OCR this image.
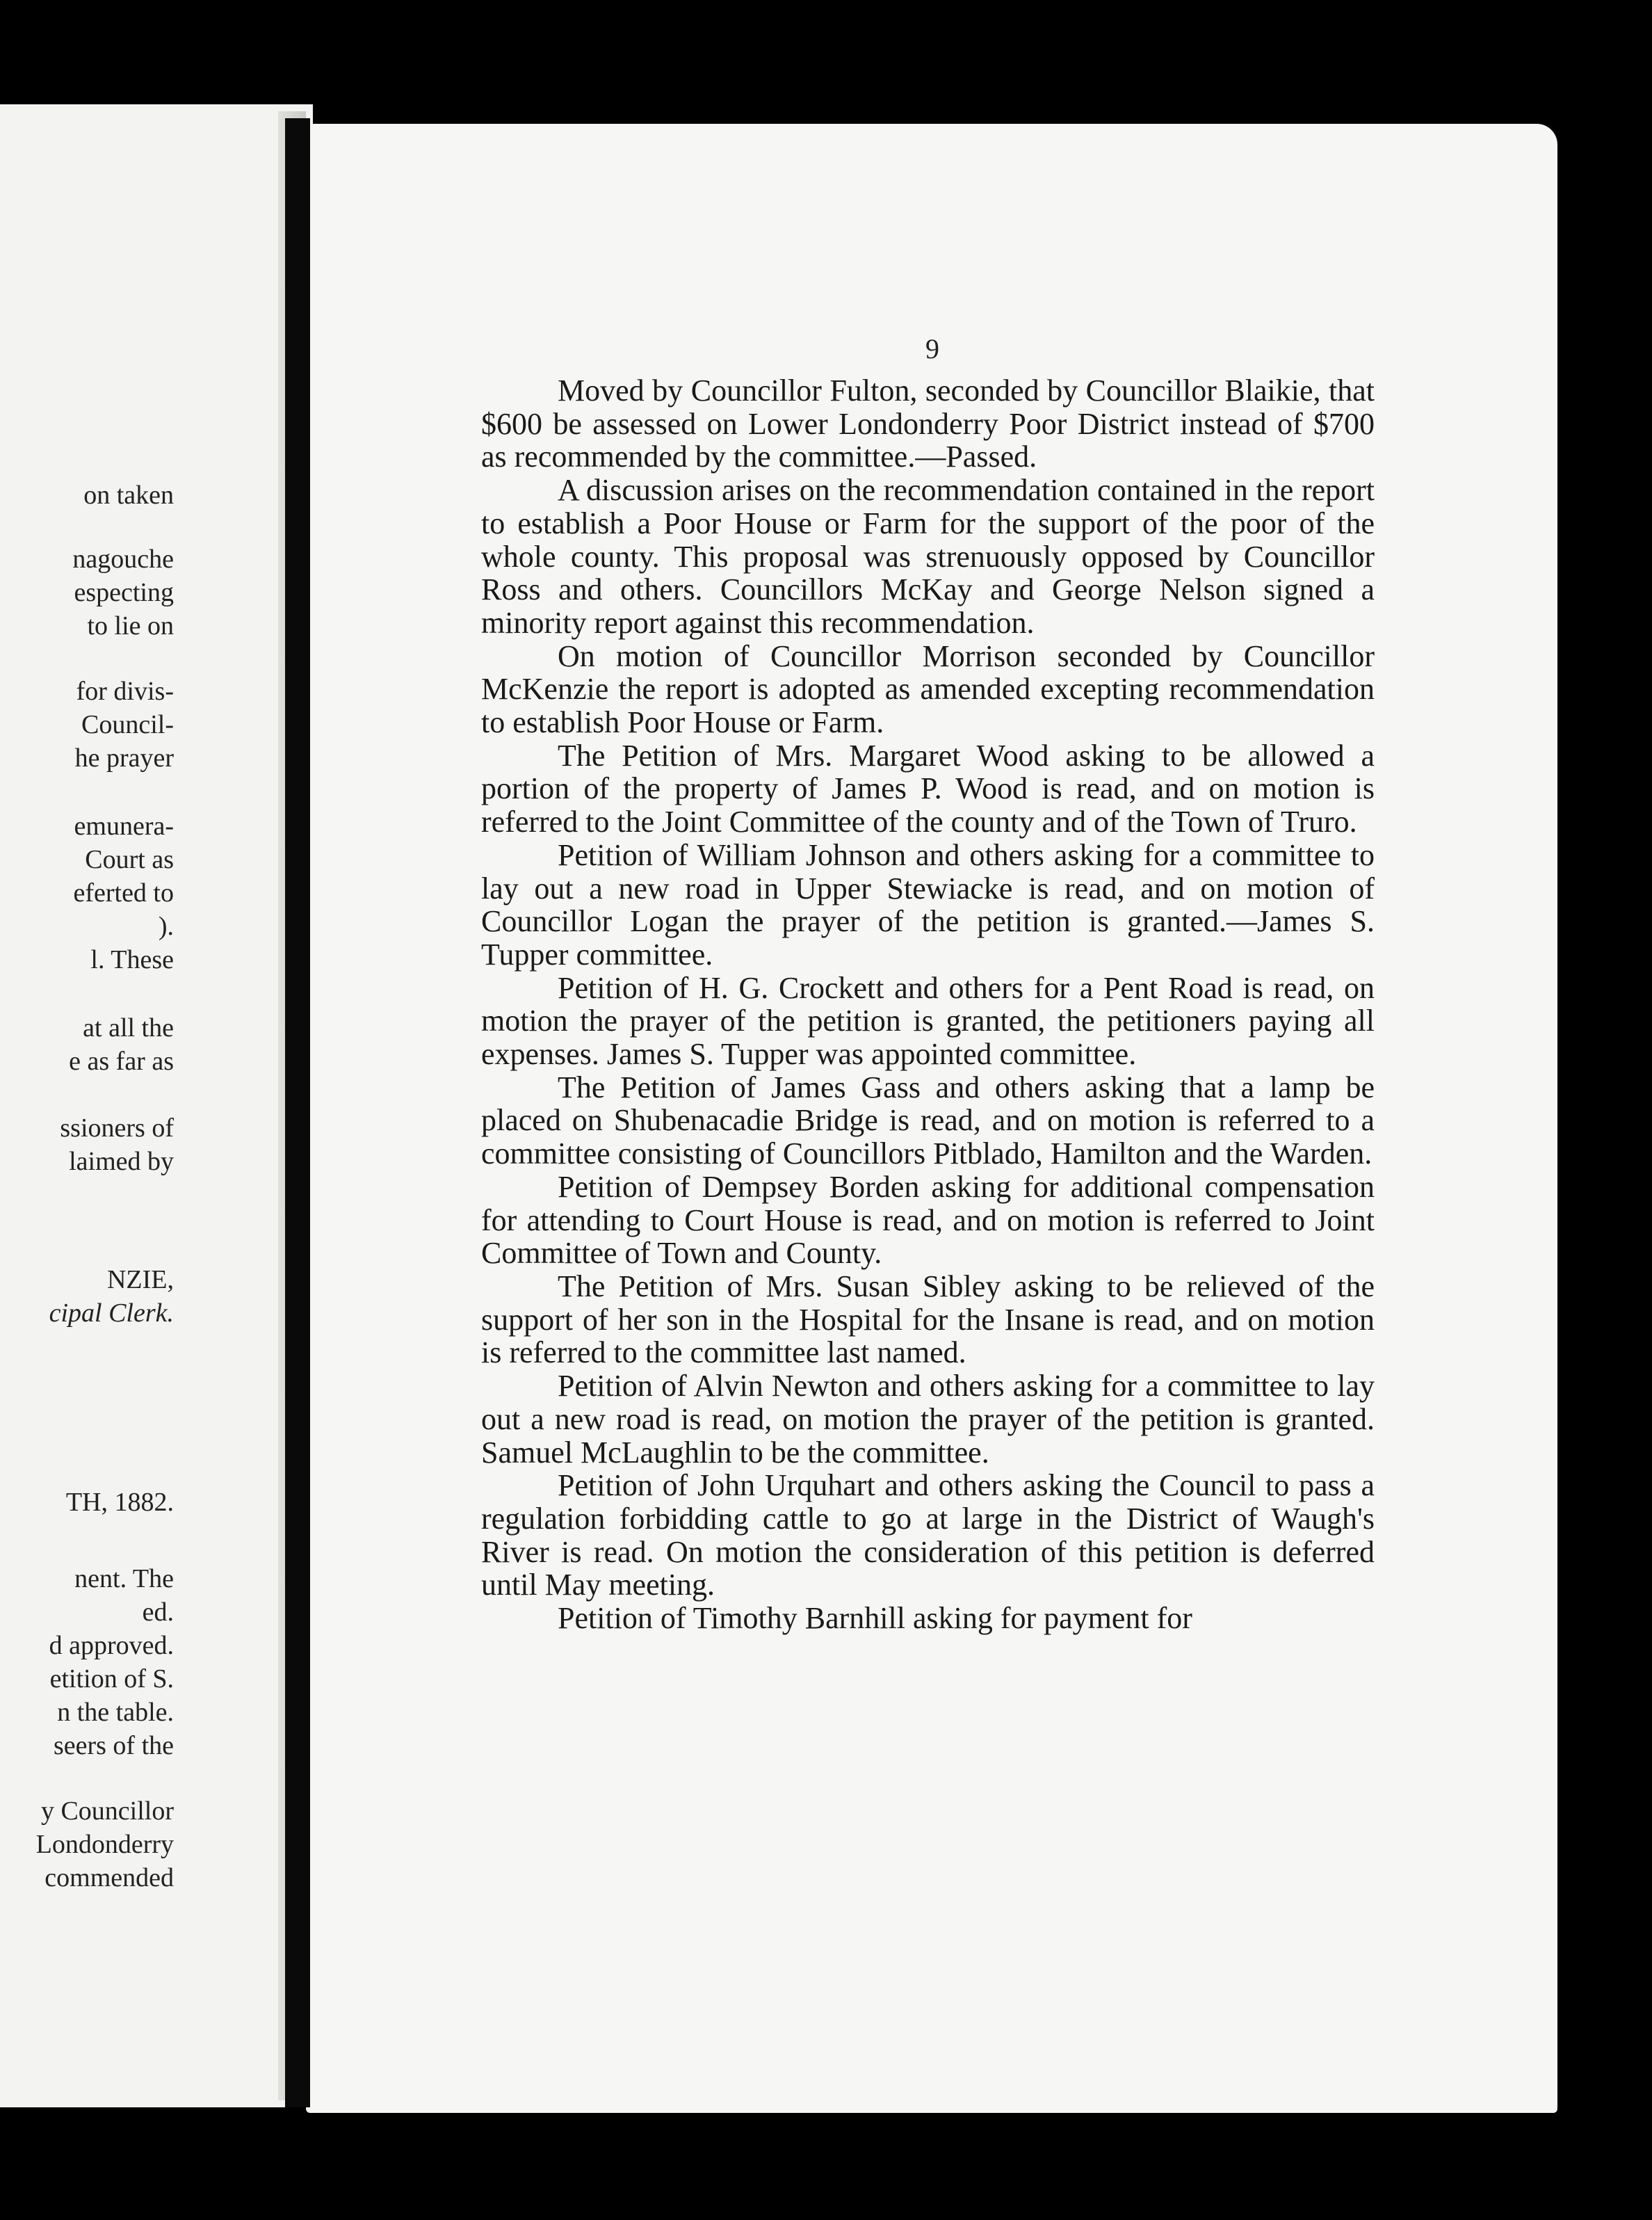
on taken
nagouche
especting
to lie on
for divis-
Council-
he prayer
emunera-
Court as
eferted to
).
l. These
at all the
e as far as
ssioners of
laimed by
NZIE,
cipal Clerk.
TH, 1882.
nent. The
ed.
d approved.
etition of S.
n the table.
seers of the
y Councillor
Londonderry
commended
9

Moved by Councillor Fulton, seconded by Councillor Blaikie, that $600 be assessed on Lower Londonderry Poor District instead of $700 as recommended by the committee.—Passed.

A discussion arises on the recommendation contained in the report to establish a Poor House or Farm for the support of the poor of the whole county. This proposal was strenuously opposed by Councillor Ross and others. Councillors McKay and George Nelson signed a minority report against this recommendation.

On motion of Councillor Morrison seconded by Councillor McKenzie the report is adopted as amended excepting recommendation to establish Poor House or Farm.

The Petition of Mrs. Margaret Wood asking to be allowed a portion of the property of James P. Wood is read, and on motion is referred to the Joint Committee of the county and of the Town of Truro.

Petition of William Johnson and others asking for a committee to lay out a new road in Upper Stewiacke is read, and on motion of Councillor Logan the prayer of the petition is granted.—James S. Tupper committee.

Petition of H. G. Crockett and others for a Pent Road is read, on motion the prayer of the petition is granted, the petitioners paying all expenses. James S. Tupper was appointed committee.

The Petition of James Gass and others asking that a lamp be placed on Shubenacadie Bridge is read, and on motion is referred to a committee consisting of Councillors Pitblado, Hamilton and the Warden.

Petition of Dempsey Borden asking for additional compensation for attending to Court House is read, and on motion is referred to Joint Committee of Town and County.

The Petition of Mrs. Susan Sibley asking to be relieved of the support of her son in the Hospital for the Insane is read, and on motion is referred to the committee last named.

Petition of Alvin Newton and others asking for a committee to lay out a new road is read, on motion the prayer of the petition is granted. Samuel McLaughlin to be the committee.

Petition of John Urquhart and others asking the Council to pass a regulation forbidding cattle to go at large in the District of Waugh's River is read. On motion the consideration of this petition is deferred until May meeting.

Petition of Timothy Barnhill asking for payment for
